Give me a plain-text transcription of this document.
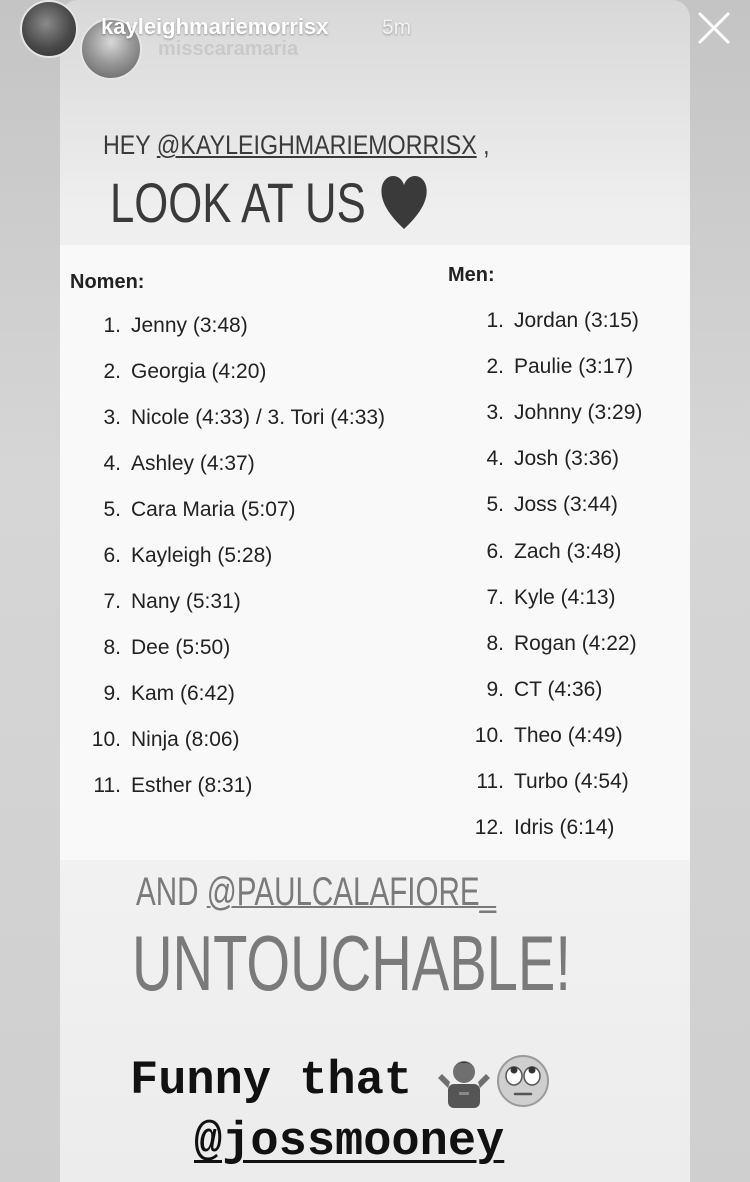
kayleighmariemorrisx	5m
misscaramaria
HEY @KAYLEIGHMARIEMORRISX ,
LOOK AT US
Nomen:	Men:
1. Jenny (3:48)
2. Georgia (4:20)
3. Nicole (4:33) / 3. Tori (4:33)
4. Ashley (4:37)
5. Cara Maria (5:07)
6. Kayleigh (5:28)
7. Nany (5:31)
8. Dee (5:50)
9. Kam (6:42)
10. Ninja (8:06)
11. Esther (8:31)
1. Jordan (3:15)
2. Paulie (3:17)
3. Johnny (3:29)
4. Josh (3:36)
5. Joss (3:44)
6. Zach (3:48)
7. Kyle (4:13)
8. Rogan (4:22)
9. CT (4:36)
10. Theo (4:49)
11. Turbo (4:54)
12. Idris (6:14)
AND @PAULCALAFIORE_
UNTOUCHABLE!
Funny that
@jossmooney
